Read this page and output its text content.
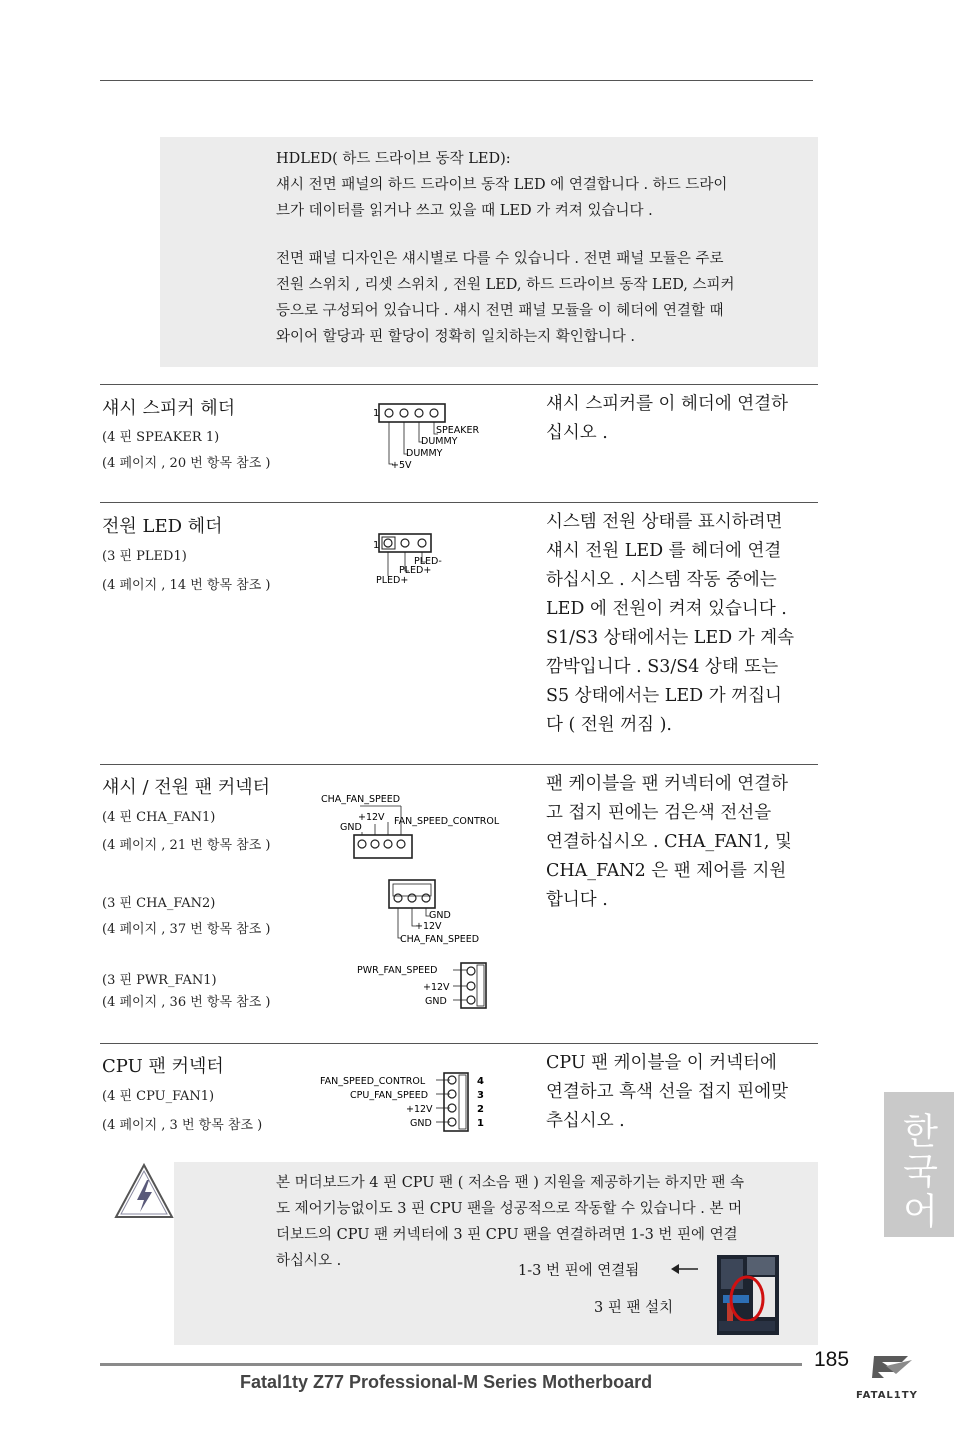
HDLED( 하드 드라이브 동작 LED):

섀시 전면 패널의 하드 드라이브 동작 LED 에 연결합니다 . 하드 드라이

브가 데이터를 읽거나 쓰고 있을 때 LED 가 켜져 있습니다 .

전면 패널 디자인은 섀시별로 다를 수 있습니다 . 전면 패널 모듈은 주로

전원 스위치 , 리셋 스위치 , 전원 LED, 하드 드라이브 동작 LED, 스피커

등으로 구성되어 있습니다 . 섀시 전면 패널 모듈을 이 헤더에 연결할 때

와이어 할당과 핀 할당이 정확히 일치하는지 확인합니다 .

섀시 스피커 헤더
(4 핀 SPEAKER 1)
(4 페이지 , 20 번 항목 참조 )
1
SPEAKER
DUMMY
DUMMY
+5V

섀시 스피커를 이 헤더에 연결하

십시오 .

전원 LED 헤더
(3 핀 PLED1)
(4 페이지 , 14 번 항목 참조 )
1
PLED-
PLED+
PLED+

시스템 전원 상태를 표시하려면

섀시 전원 LED 를 헤더에 연결

하십시오 . 시스템 작동 중에는

LED 에 전원이 켜져 있습니다 .

S1/S3 상태에서는 LED 가 계속

깜박입니다 . S3/S4 상태 또는

S5 상태에서는 LED 가 꺼집니

다 ( 전원 꺼짐 ).

섀시 / 전원 팬 커넥터
(4 핀 CHA_FAN1)
(4 페이지 , 21 번 항목 참조 )
(3 핀 CHA_FAN2)
(4 페이지 , 37 번 항목 참조 )
(3 핀 PWR_FAN1)
(4 페이지 , 36 번 항목 참조 )
CHA_FAN_SPEED
+12V
GND
FAN_SPEED_CONTROL
GND
+12V
CHA_FAN_SPEED
PWR_FAN_SPEED
+12V
GND

팬 케이블을 팬 커넥터에 연결하

고 접지 핀에는 검은색 전선을

연결하십시오 . CHA_FAN1, 및

CHA_FAN2 은 팬 제어를 지원

합니다 .

CPU 팬 커넥터
(4 핀 CPU_FAN1)
(4 페이지 , 3 번 항목 참조 )
FAN_SPEED_CONTROL
CPU_FAN_SPEED
+12V
GND
4
3
2
1

CPU 팬 케이블을 이 커넥터에

연결하고 흑색 선을 접지 핀에맞

추십시오 .

본 머더보드가 4 핀 CPU 팬 ( 저소음 팬 ) 지원을 제공하기는 하지만 팬 속

도 제어기능없이도 3 핀 CPU 팬을 성공적으로 작동할 수 있습니다 . 본 머

더보드의 CPU 팬 커넥터에 3 핀 CPU 팬을 연결하려면 1-3 번 핀에 연결

하십시오 .

1-3 번 핀에 연결됨
3 핀 팬 설치
한국어
185
Fatal1ty Z77 Professional-M Series Motherboard
FATAL1TY
